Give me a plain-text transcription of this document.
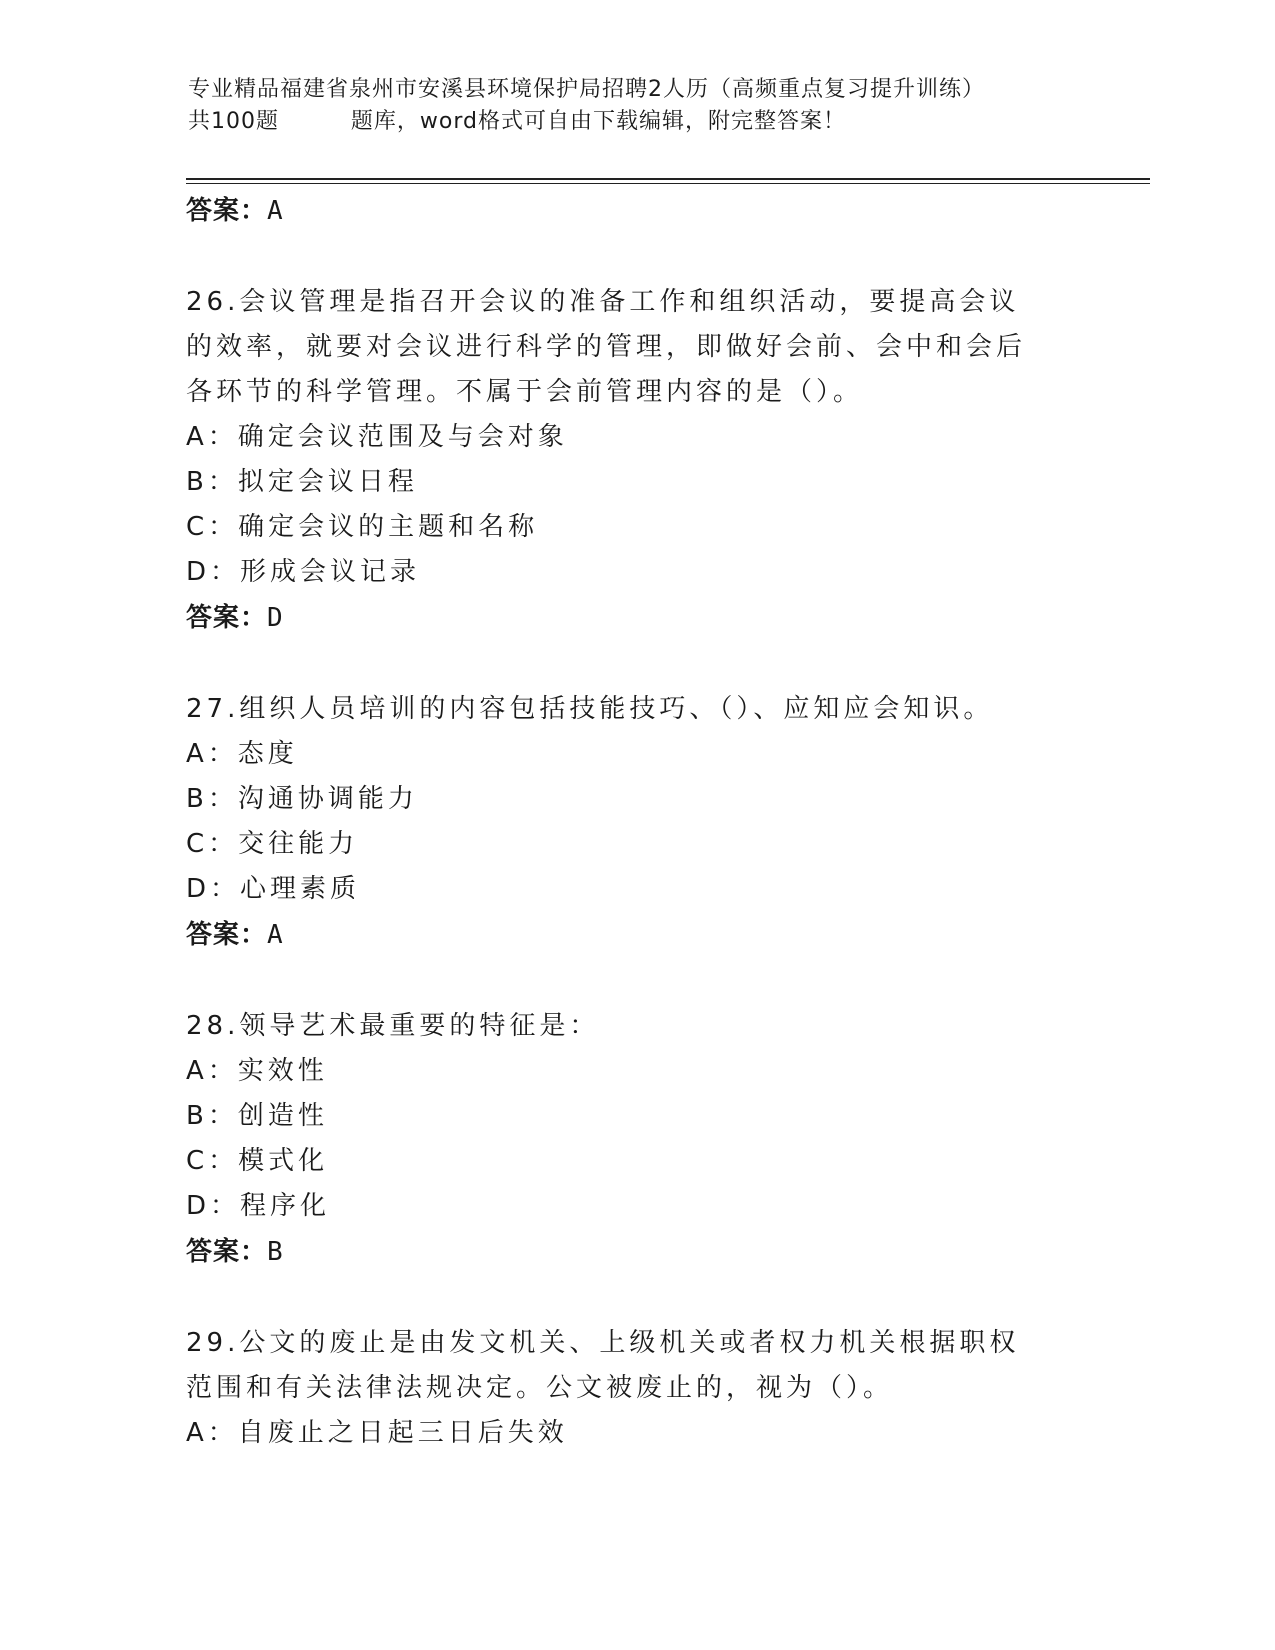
专业精品福建省泉州市安溪县环境保护局招聘2人历（高频重点复习提升训练）
共100题         题库，word格式可自由下载编辑，附完整答案！
答案：A
26.会议管理是指召开会议的准备工作和组织活动，要提高会议的效率，就要对会议进行科学的管理，即做好会前、会中和会后各环节的科学管理。不属于会前管理内容的是（）。
A：确定会议范围及与会对象
B：拟定会议日程
C：确定会议的主题和名称
D：形成会议记录
答案：D
27.组织人员培训的内容包括技能技巧、（）、应知应会知识。
A：态度
B：沟通协调能力
C：交往能力
D：心理素质
答案：A
28.领导艺术最重要的特征是：
A：实效性
B：创造性
C：模式化
D：程序化
答案：B
29.公文的废止是由发文机关、上级机关或者权力机关根据职权范围和有关法律法规决定。公文被废止的，视为（）。
A：自废止之日起三日后失效
